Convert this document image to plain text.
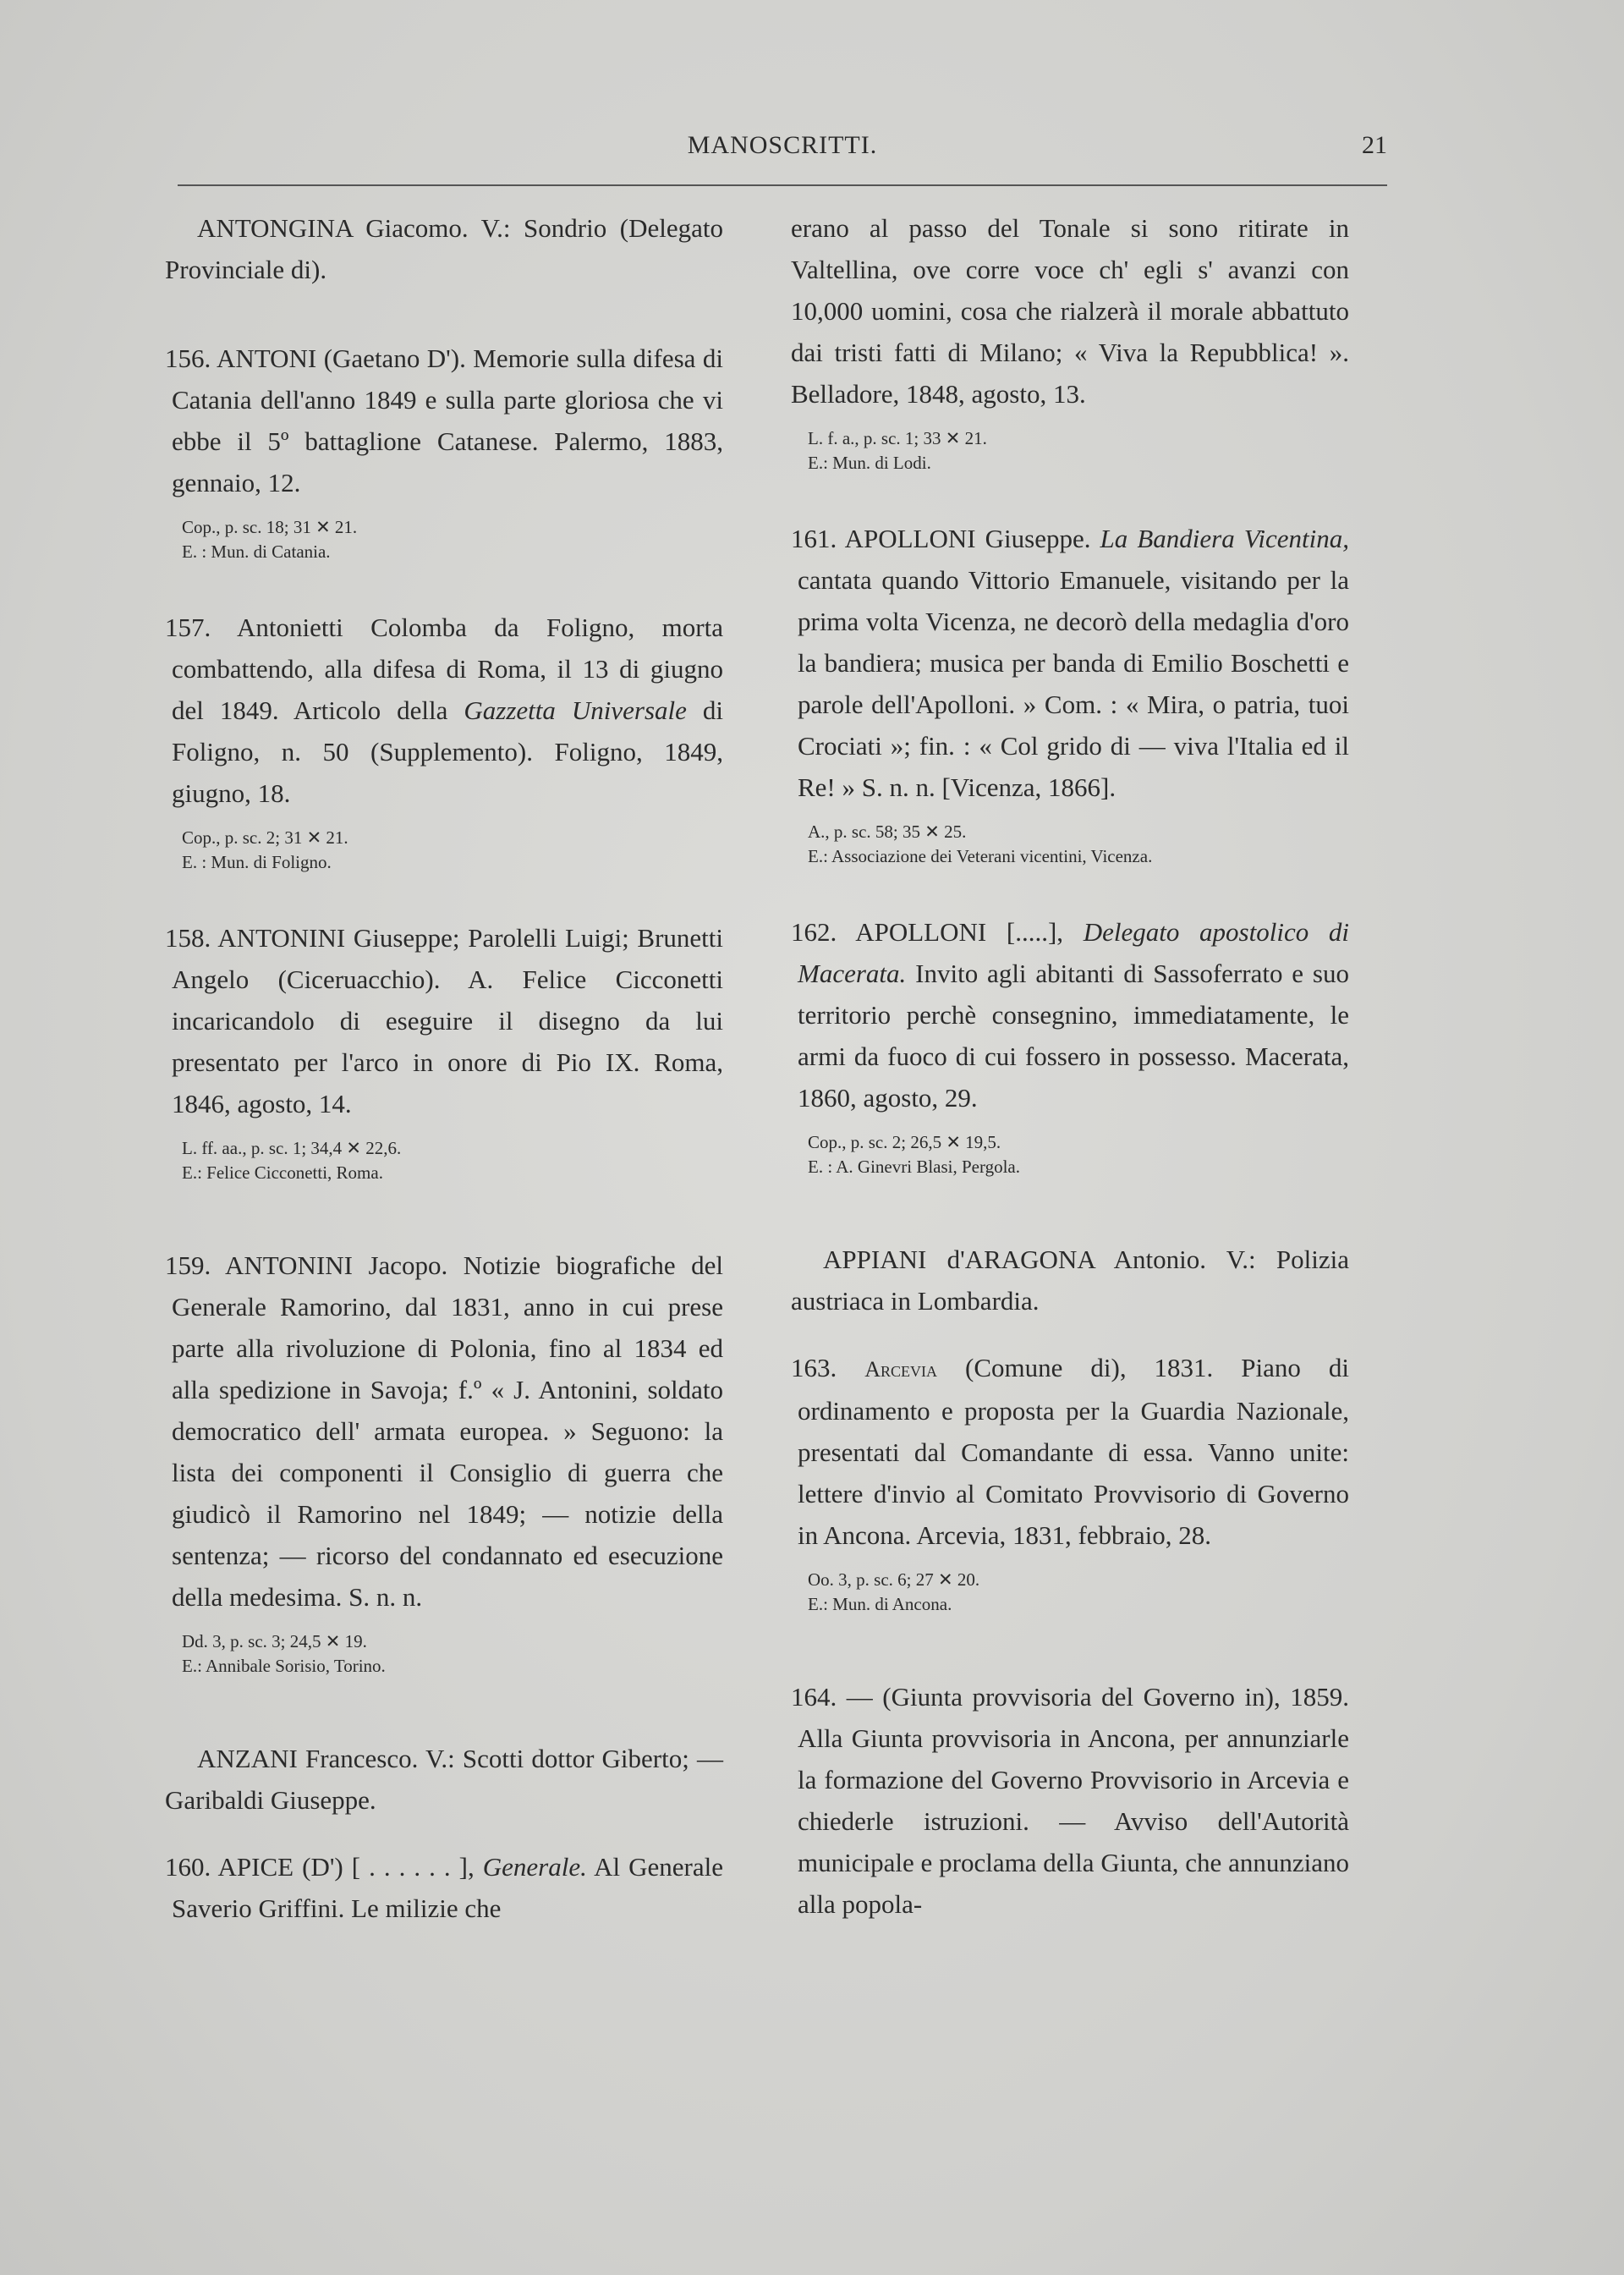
MANOSCRITTI.	21
ANTONGINA Giacomo. V.: Sondrio (Delegato Provinciale di).
156. ANTONI (Gaetano D'). Memorie sulla difesa di Catania dell'anno 1849 e sulla parte gloriosa che vi ebbe il 5º battaglione Catanese. Palermo, 1883, gennaio, 12.
Cop., p. sc. 18; 31 ✕ 21.
E. : Mun. di Catania.
157. Antonietti Colomba da Foligno, morta combattendo, alla difesa di Roma, il 13 di giugno del 1849. Articolo della Gazzetta Universale di Foligno, n. 50 (Supplemento). Foligno, 1849, giugno, 18.
Cop., p. sc. 2; 31 ✕ 21.
E. : Mun. di Foligno.
158. ANTONINI Giuseppe; Parolelli Luigi; Brunetti Angelo (Ciceruacchio). A. Felice Cicconetti incaricandolo di eseguire il disegno da lui presentato per l'arco in onore di Pio IX. Roma, 1846, agosto, 14.
L. ff. aa., p. sc. 1; 34,4 ✕ 22,6.
E.: Felice Cicconetti, Roma.
159. ANTONINI Jacopo. Notizie biografiche del Generale Ramorino, dal 1831, anno in cui prese parte alla rivoluzione di Polonia, fino al 1834 ed alla spedizione in Savoja; f.º « J. Antonini, soldato democratico dell' armata europea. » Seguono: la lista dei componenti il Consiglio di guerra che giudicò il Ramorino nel 1849; — notizie della sentenza; — ricorso del condannato ed esecuzione della medesima. S. n. n.
Dd. 3, p. sc. 3; 24,5 ✕ 19.
E.: Annibale Sorisio, Torino.
ANZANI Francesco. V.: Scotti dottor Giberto; — Garibaldi Giuseppe.
160. APICE (D') [ . . . . . . ], Generale. Al Generale Saverio Griffini. Le milizie che
erano al passo del Tonale si sono ritirate in Valtellina, ove corre voce ch' egli s' avanzi con 10,000 uomini, cosa che rialzerà il morale abbattuto dai tristi fatti di Milano; « Viva la Repubblica! ». Belladore, 1848, agosto, 13.
L. f. a., p. sc. 1; 33 ✕ 21.
E.: Mun. di Lodi.
161. APOLLONI Giuseppe. La Bandiera Vicentina, cantata quando Vittorio Emanuele, visitando per la prima volta Vicenza, ne decorò della medaglia d'oro la bandiera; musica per banda di Emilio Boschetti e parole dell'Apolloni. » Com. : « Mira, o patria, tuoi Crociati »; fin. : « Col grido di — viva l'Italia ed il Re! » S. n. n. [Vicenza, 1866].
A., p. sc. 58; 35 ✕ 25.
E.: Associazione dei Veterani vicentini, Vicenza.
162. APOLLONI [.....], Delegato apostolico di Macerata. Invito agli abitanti di Sassoferrato e suo territorio perchè consegnino, immediatamente, le armi da fuoco di cui fossero in possesso. Macerata, 1860, agosto, 29.
Cop., p. sc. 2; 26,5 ✕ 19,5.
E. : A. Ginevri Blasi, Pergola.
APPIANI d'ARAGONA Antonio. V.: Polizia austriaca in Lombardia.
163. Arcevia (Comune di), 1831. Piano di ordinamento e proposta per la Guardia Nazionale, presentati dal Comandante di essa. Vanno unite: lettere d'invio al Comitato Provvisorio di Governo in Ancona. Arcevia, 1831, febbraio, 28.
Oo. 3, p. sc. 6; 27 ✕ 20.
E.: Mun. di Ancona.
164. — (Giunta provvisoria del Governo in), 1859. Alla Giunta provvisoria in Ancona, per annunziarle la formazione del Governo Provvisorio in Arcevia e chiederle istruzioni. — Avviso dell'Autorità municipale e proclama della Giunta, che annunziano alla popola-
